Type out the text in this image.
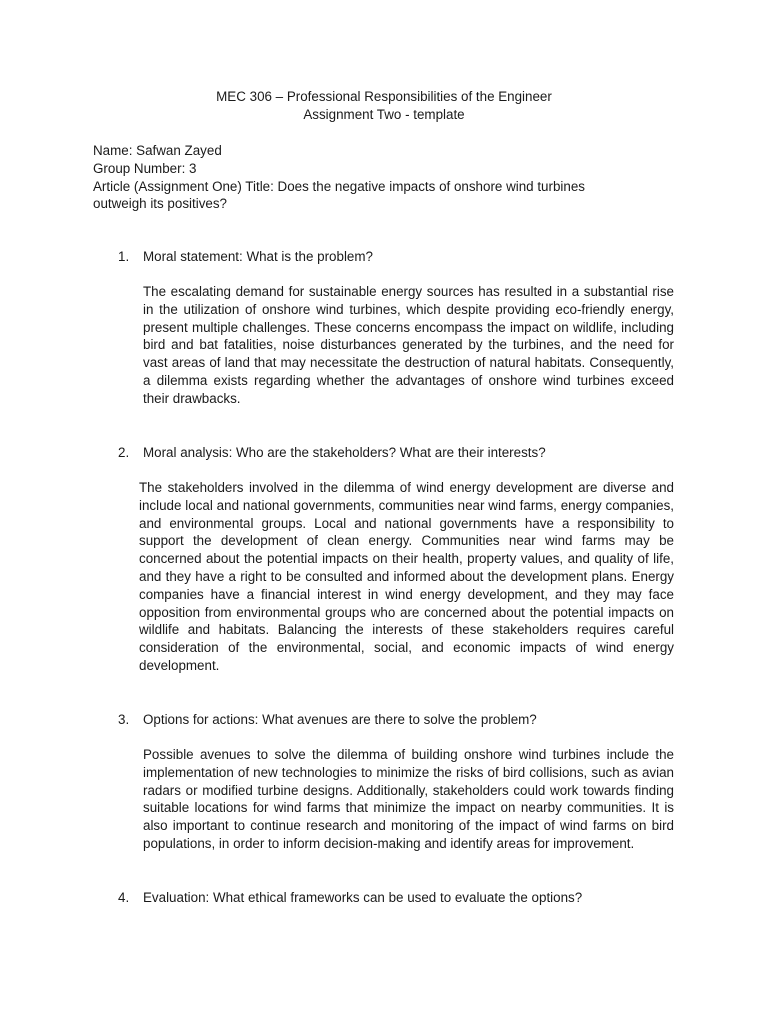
MEC 306 – Professional Responsibilities of the Engineer
Assignment Two - template
Name: Safwan Zayed
Group Number: 3
Article (Assignment One) Title: Does the negative impacts of onshore wind turbines
outweigh its positives?
1. Moral statement: What is the problem?

The escalating demand for sustainable energy sources has resulted in a substantial rise in the utilization of onshore wind turbines, which despite providing eco-friendly energy, present multiple challenges. These concerns encompass the impact on wildlife, including bird and bat fatalities, noise disturbances generated by the turbines, and the need for vast areas of land that may necessitate the destruction of natural habitats. Consequently, a dilemma exists regarding whether the advantages of onshore wind turbines exceed their drawbacks.

2. Moral analysis: Who are the stakeholders? What are their interests?

The stakeholders involved in the dilemma of wind energy development are diverse and include local and national governments, communities near wind farms, energy companies, and environmental groups. Local and national governments have a responsibility to support the development of clean energy. Communities near wind farms may be concerned about the potential impacts on their health, property values, and quality of life, and they have a right to be consulted and informed about the development plans. Energy companies have a financial interest in wind energy development, and they may face opposition from environmental groups who are concerned about the potential impacts on wildlife and habitats. Balancing the interests of these stakeholders requires careful consideration of the environmental, social, and economic impacts of wind energy development.

3. Options for actions: What avenues are there to solve the problem?

Possible avenues to solve the dilemma of building onshore wind turbines include the implementation of new technologies to minimize the risks of bird collisions, such as avian radars or modified turbine designs. Additionally, stakeholders could work towards finding suitable locations for wind farms that minimize the impact on nearby communities. It is also important to continue research and monitoring of the impact of wind farms on bird populations, in order to inform decision-making and identify areas for improvement.

4. Evaluation: What ethical frameworks can be used to evaluate the options?
